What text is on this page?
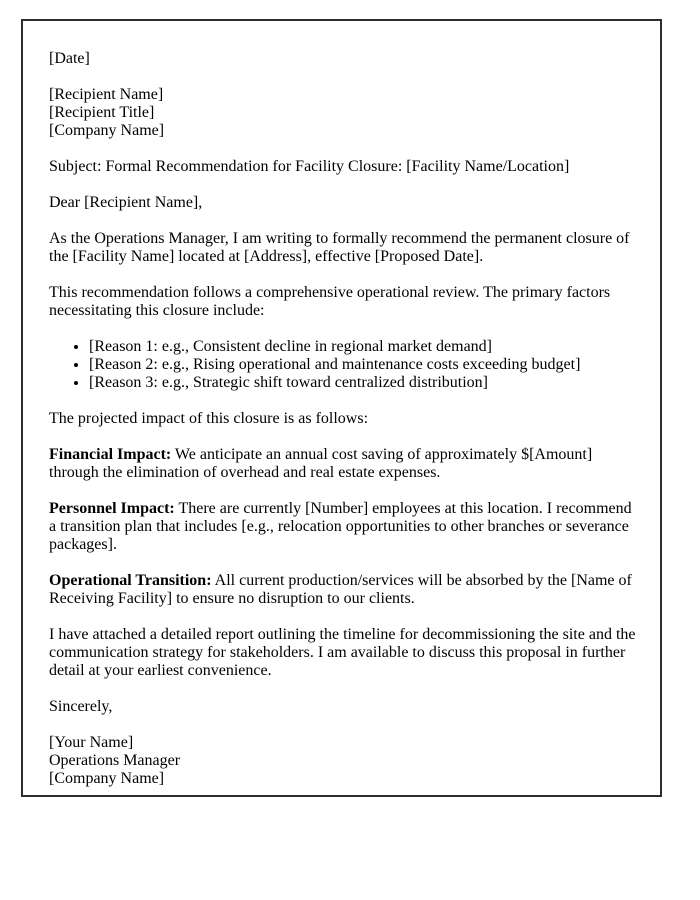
[Date]

[Recipient Name]
[Recipient Title]
[Company Name]

Subject: Formal Recommendation for Facility Closure: [Facility Name/Location]

Dear [Recipient Name],

As the Operations Manager, I am writing to formally recommend the permanent closure of the [Facility Name] located at [Address], effective [Proposed Date].

This recommendation follows a comprehensive operational review. The primary factors necessitating this closure include:

• [Reason 1: e.g., Consistent decline in regional market demand]
• [Reason 2: e.g., Rising operational and maintenance costs exceeding budget]
• [Reason 3: e.g., Strategic shift toward centralized distribution]

The projected impact of this closure is as follows:

Financial Impact: We anticipate an annual cost saving of approximately $[Amount] through the elimination of overhead and real estate expenses.

Personnel Impact: There are currently [Number] employees at this location. I recommend a transition plan that includes [e.g., relocation opportunities to other branches or severance packages].

Operational Transition: All current production/services will be absorbed by the [Name of Receiving Facility] to ensure no disruption to our clients.

I have attached a detailed report outlining the timeline for decommissioning the site and the communication strategy for stakeholders. I am available to discuss this proposal in further detail at your earliest convenience.

Sincerely,

[Your Name]
Operations Manager
[Company Name]
